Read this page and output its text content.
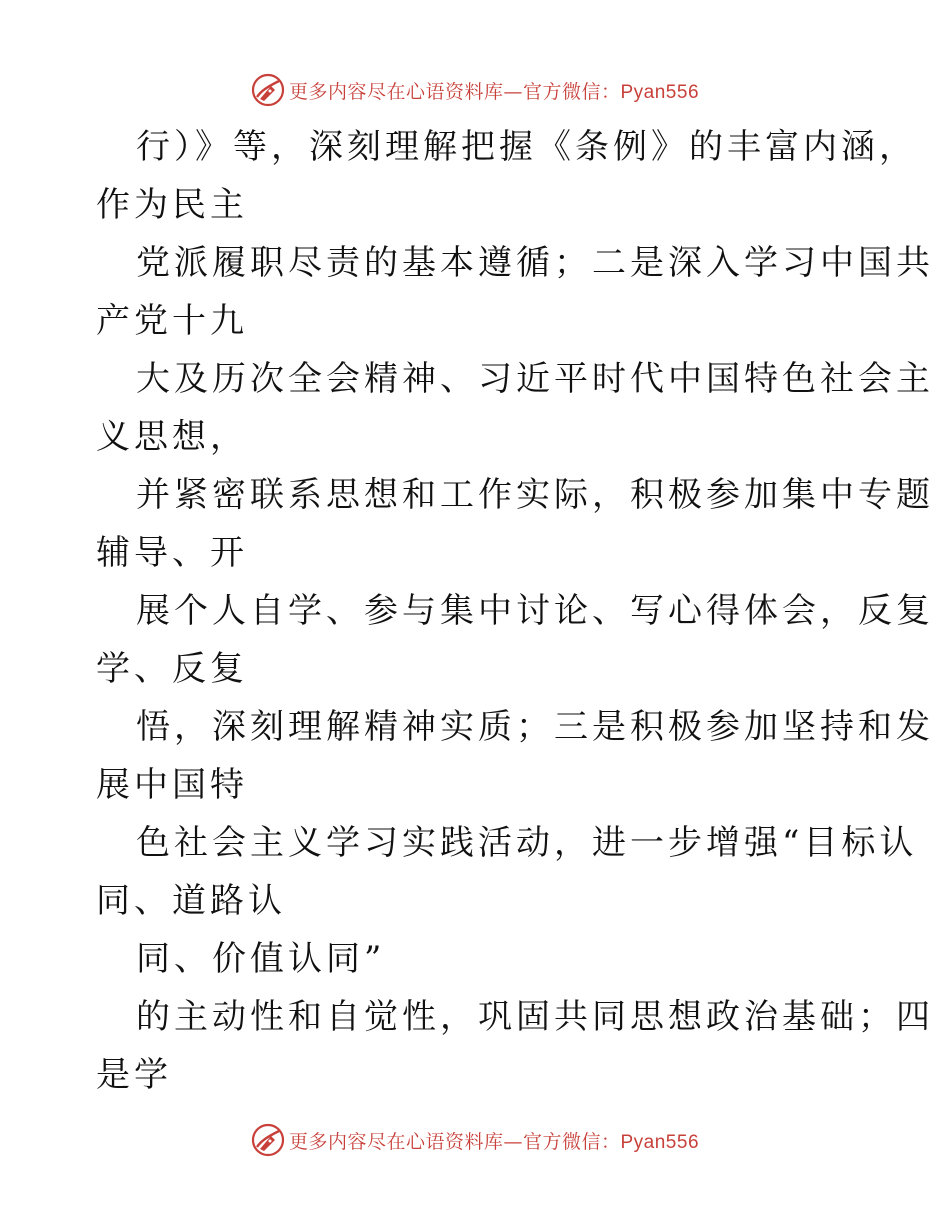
更多内容尽在心语资料库—官方微信：Pyan556
行）》等，深刻理解把握《条例》的丰富内涵，
作为民主
党派履职尽责的基本遵循；二是深入学习中国共
产党十九
大及历次全会精神、习近平时代中国特色社会主
义思想，
并紧密联系思想和工作实际，积极参加集中专题
辅导、开
展个人自学、参与集中讨论、写心得体会，反复
学、反复
悟，深刻理解精神实质；三是积极参加坚持和发
展中国特
色社会主义学习实践活动，进一步增强“目标认
同、道路认
同、价值认同”
的主动性和自觉性，巩固共同思想政治基础；四
是学
更多内容尽在心语资料库—官方微信：Pyan556
